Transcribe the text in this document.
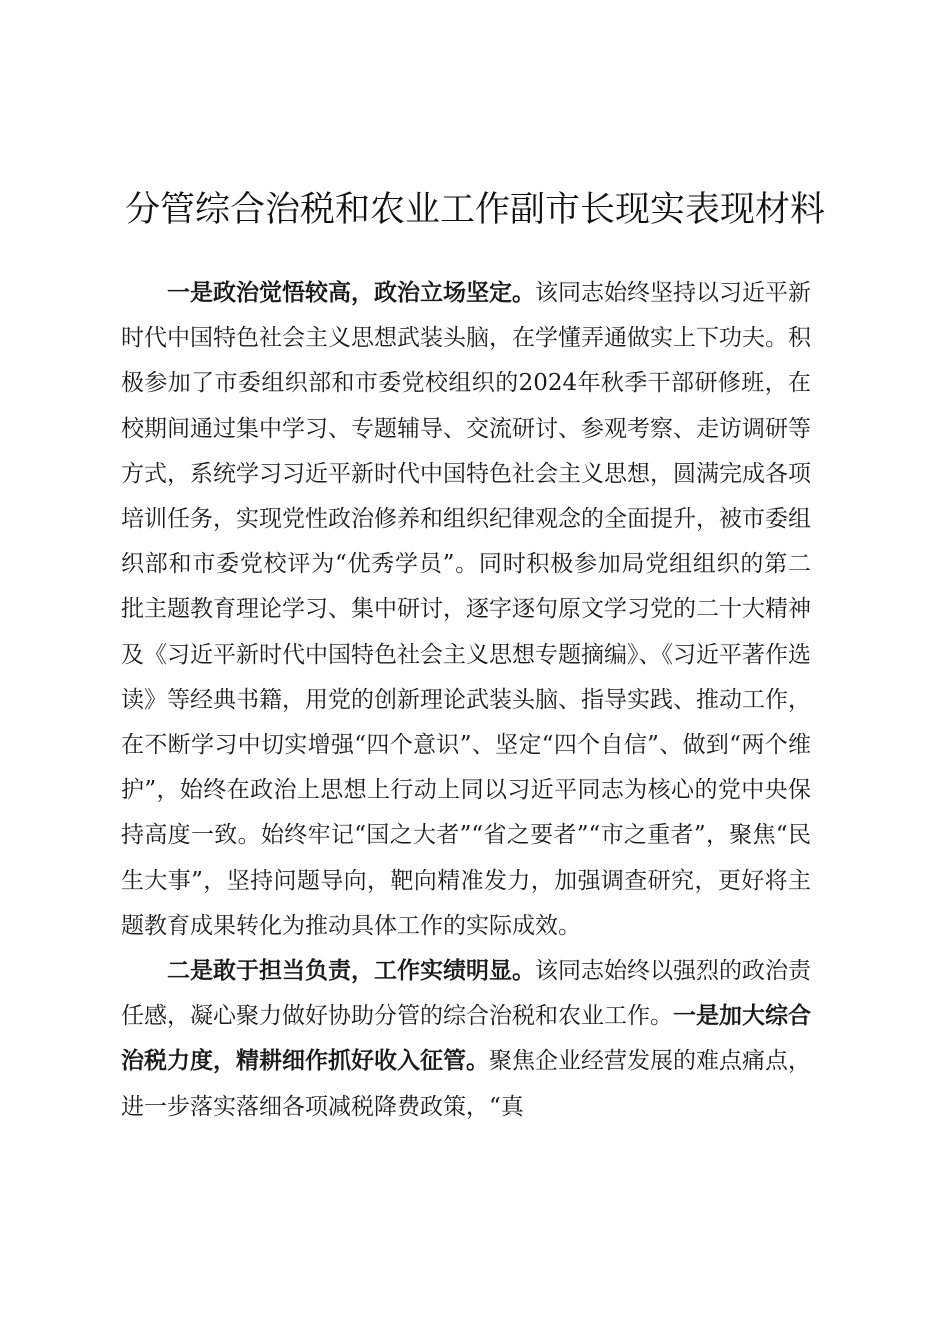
分管综合治税和农业工作副市长现实表现材料

一是政治觉悟较高，政治立场坚定。该同志始终坚持以习近平新时代中国特色社会主义思想武装头脑，在学懂弄通做实上下功夫。积极参加了市委组织部和市委党校组织的2024年秋季干部研修班，在校期间通过集中学习、专题辅导、交流研讨、参观考察、走访调研等方式，系统学习习近平新时代中国特色社会主义思想，圆满完成各项培训任务，实现党性政治修养和组织纪律观念的全面提升，被市委组织部和市委党校评为“优秀学员”。同时积极参加局党组组织的第二批主题教育理论学习、集中研讨，逐字逐句原文学习党的二十大精神及《习近平新时代中国特色社会主义思想专题摘编》、《习近平著作选读》等经典书籍，用党的创新理论武装头脑、指导实践、推动工作，在不断学习中切实增强“四个意识”、坚定“四个自信”、做到“两个维护”，始终在政治上思想上行动上同以习近平同志为核心的党中央保持高度一致。始终牢记“国之大者”“省之要者”“市之重者”，聚焦“民生大事”，坚持问题导向，靶向精准发力，加强调查研究，更好将主题教育成果转化为推动具体工作的实际成效。

二是敢于担当负责，工作实绩明显。该同志始终以强烈的政治责任感，凝心聚力做好协助分管的综合治税和农业工作。一是加大综合治税力度，精耕细作抓好收入征管。聚焦企业经营发展的难点痛点，进一步落实落细各项减税降费政策，“真
